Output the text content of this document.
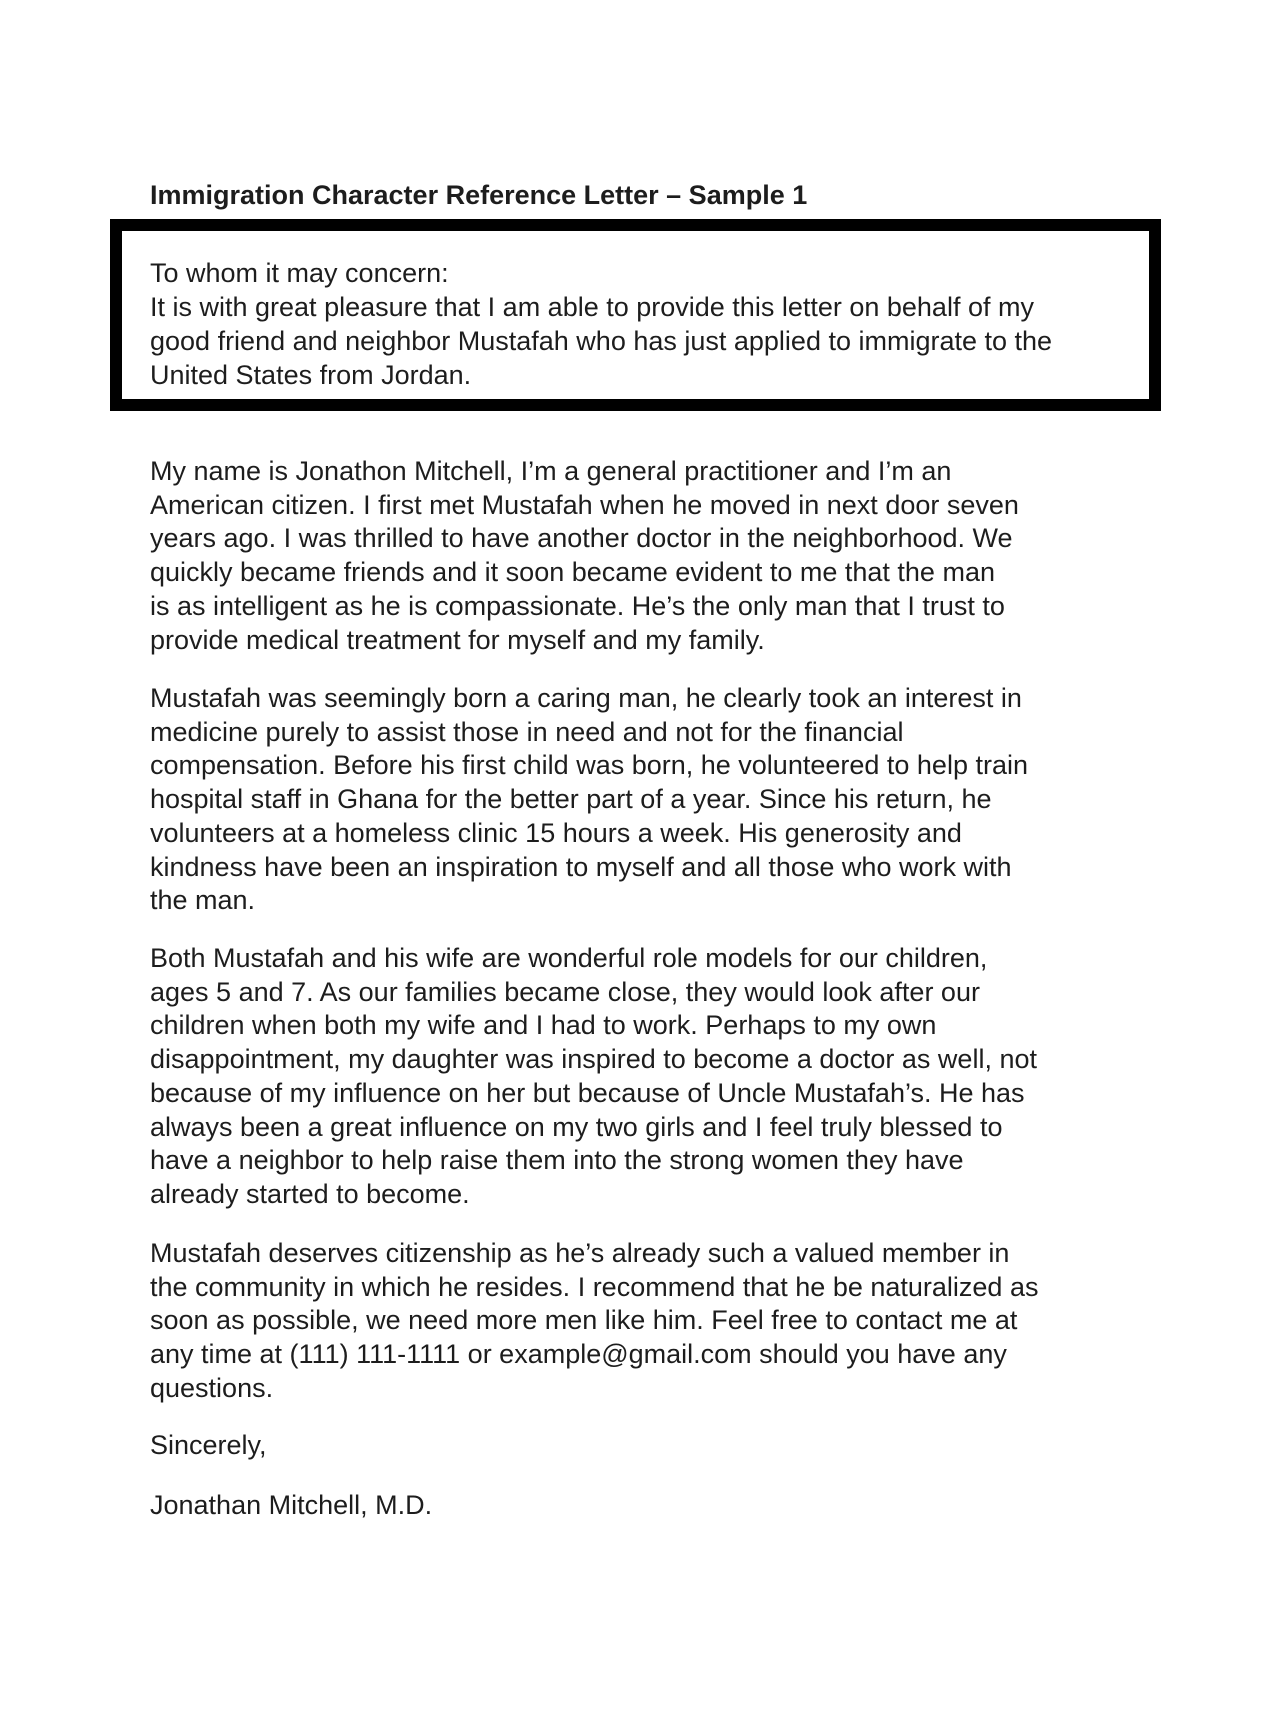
Immigration Character Reference Letter – Sample 1
To whom it may concern:
It is with great pleasure that I am able to provide this letter on behalf of my
good friend and neighbor Mustafah who has just applied to immigrate to the
United States from Jordan.
My name is Jonathon Mitchell, I’m a general practitioner and I’m an
American citizen. I first met Mustafah when he moved in next door seven
years ago. I was thrilled to have another doctor in the neighborhood. We
quickly became friends and it soon became evident to me that the man
is as intelligent as he is compassionate. He’s the only man that I trust to
provide medical treatment for myself and my family.
Mustafah was seemingly born a caring man, he clearly took an interest in
medicine purely to assist those in need and not for the financial
compensation. Before his first child was born, he volunteered to help train
hospital staff in Ghana for the better part of a year. Since his return, he
volunteers at a homeless clinic 15 hours a week. His generosity and
kindness have been an inspiration to myself and all those who work with
the man.
Both Mustafah and his wife are wonderful role models for our children,
ages 5 and 7. As our families became close, they would look after our
children when both my wife and I had to work. Perhaps to my own
disappointment, my daughter was inspired to become a doctor as well, not
because of my influence on her but because of Uncle Mustafah’s. He has
always been a great influence on my two girls and I feel truly blessed to
have a neighbor to help raise them into the strong women they have
already started to become.
Mustafah deserves citizenship as he’s already such a valued member in
the community in which he resides. I recommend that he be naturalized as
soon as possible, we need more men like him. Feel free to contact me at
any time at (111) 111-1111 or example@gmail.com should you have any
questions.
Sincerely,
Jonathan Mitchell, M.D.
